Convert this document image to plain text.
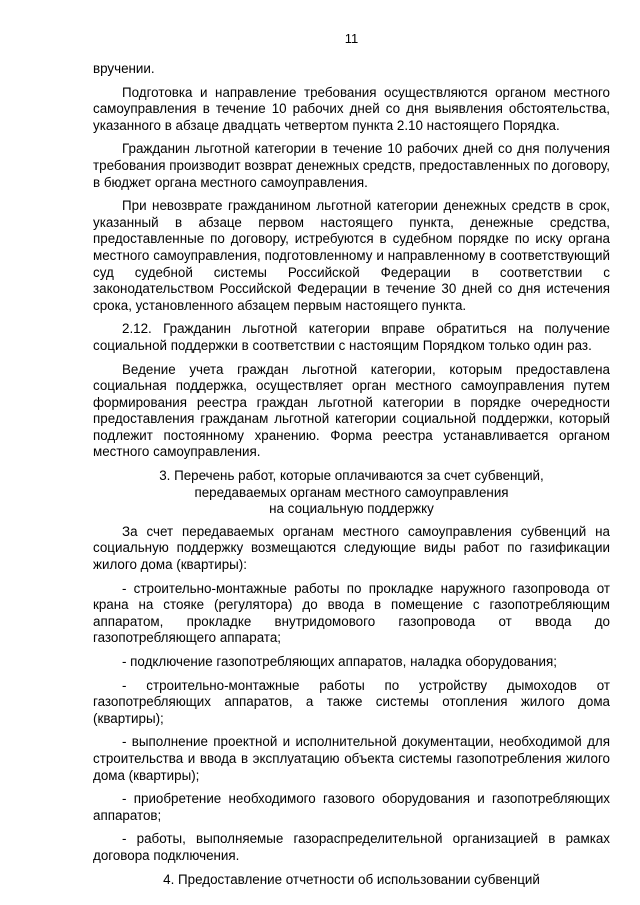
11

вручении.

Подготовка и направление требования осуществляются органом местного самоуправления в течение 10 рабочих дней со дня выявления обстоятельства, указанного в абзаце двадцать четвертом пункта 2.10 настоящего Порядка.

Гражданин льготной категории в течение 10 рабочих дней со дня получения требования производит возврат денежных средств, предоставленных по договору, в бюджет органа местного самоуправления.

При невозврате гражданином льготной категории денежных средств в срок, указанный в абзаце первом настоящего пункта, денежные средства, предоставленные по договору, истребуются в судебном порядке по иску органа местного самоуправления, подготовленному и направленному в соответствующий суд судебной системы Российской Федерации в соответствии с законодательством Российской Федерации в течение 30 дней со дня истечения срока, установленного абзацем первым настоящего пункта.

2.12. Гражданин льготной категории вправе обратиться на получение социальной поддержки в соответствии с настоящим Порядком только один раз.

Ведение учета граждан льготной категории, которым предоставлена социальная поддержка, осуществляет орган местного самоуправления путем формирования реестра граждан льготной категории в порядке очередности предоставления гражданам льготной категории социальной поддержки, который подлежит постоянному хранению. Форма реестра устанавливается органом местного самоуправления.

3. Перечень работ, которые оплачиваются за счет субвенций,
передаваемых органам местного самоуправления
на социальную поддержку

За счет передаваемых органам местного самоуправления субвенций на социальную поддержку возмещаются следующие виды работ по газификации жилого дома (квартиры):

- строительно-монтажные работы по прокладке наружного газопровода от крана на стояке (регулятора) до ввода в помещение с газопотребляющим аппаратом, прокладке внутридомового газопровода от ввода до газопотребляющего аппарата;

- подключение газопотребляющих аппаратов, наладка оборудования;

- строительно-монтажные работы по устройству дымоходов от газопотребляющих аппаратов, а также системы отопления жилого дома (квартиры);

- выполнение проектной и исполнительной документации, необходимой для строительства и ввода в эксплуатацию объекта системы газопотребления жилого дома (квартиры);

- приобретение необходимого газового оборудования и газопотребляющих аппаратов;

- работы, выполняемые газораспределительной организацией в рамках договора подключения.

4. Предоставление отчетности об использовании субвенций
